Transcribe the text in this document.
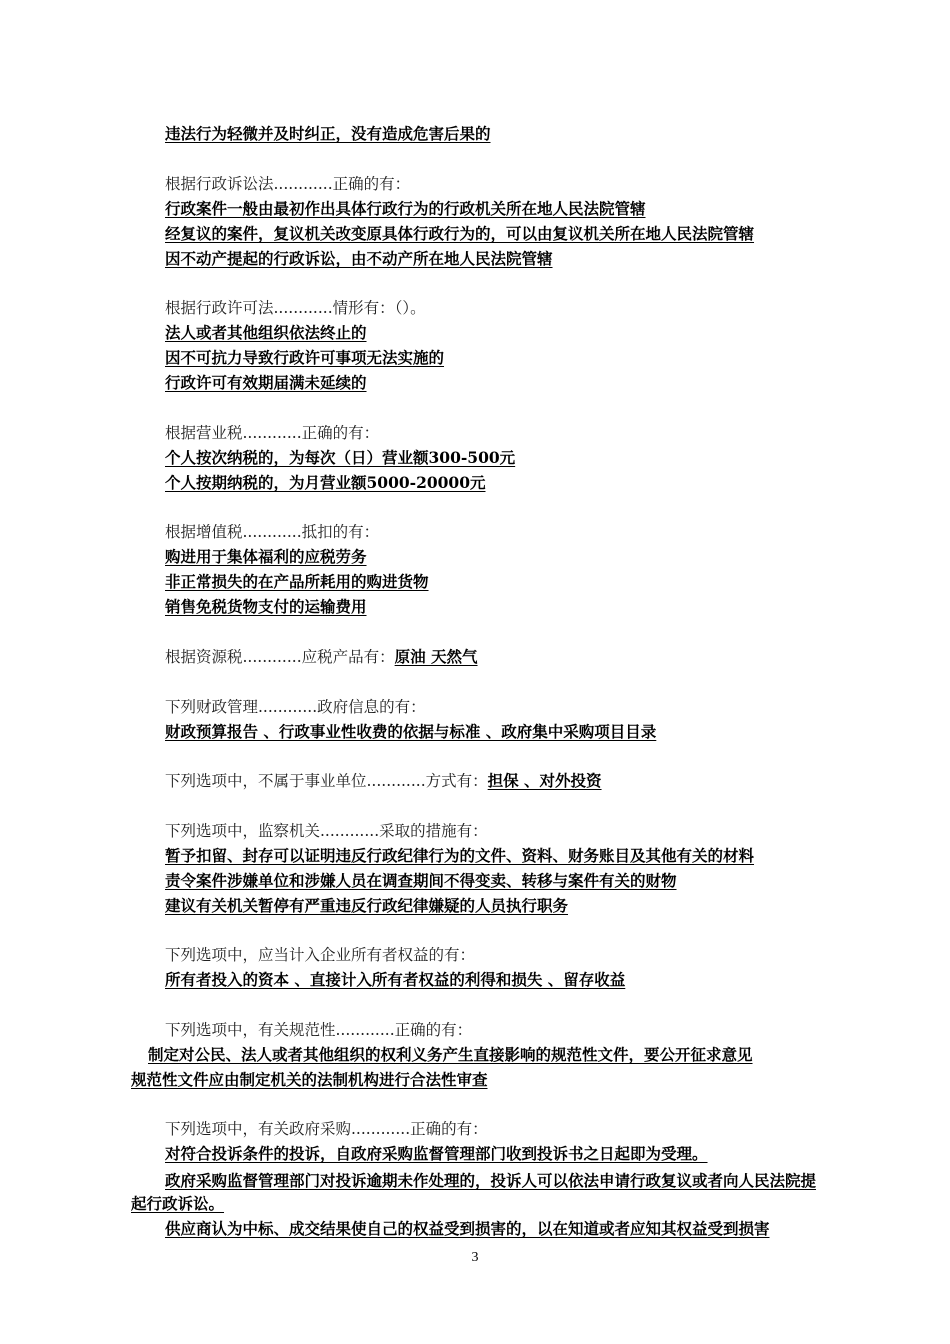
违法行为轻微并及时纠正，没有造成危害后果的
根据行政诉讼法............正确的有：
行政案件一般由最初作出具体行政行为的行政机关所在地人民法院管辖
经复议的案件，复议机关改变原具体行政行为的，可以由复议机关所在地人民法院管辖
因不动产提起的行政诉讼，由不动产所在地人民法院管辖
根据行政许可法............情形有：（）。
法人或者其他组织依法终止的
因不可抗力导致行政许可事项无法实施的
行政许可有效期届满未延续的
根据营业税............正确的有：
个人按次纳税的，为每次（日）营业额300-500元
个人按期纳税的，为月营业额5000-20000元
根据增值税............抵扣的有：
购进用于集体福利的应税劳务
非正常损失的在产品所耗用的购进货物
销售免税货物支付的运输费用
根据资源税............应税产品有：原油 天然气
下列财政管理............政府信息的有：
财政预算报告 、行政事业性收费的依据与标准 、政府集中采购项目目录
下列选项中，不属于事业单位............方式有：担保 、对外投资
下列选项中，监察机关............采取的措施有：
暂予扣留、封存可以证明违反行政纪律行为的文件、资料、财务账目及其他有关的材料
责令案件涉嫌单位和涉嫌人员在调查期间不得变卖、转移与案件有关的财物
建议有关机关暂停有严重违反行政纪律嫌疑的人员执行职务
下列选项中，应当计入企业所有者权益的有：
所有者投入的资本 、直接计入所有者权益的利得和损失 、留存收益
下列选项中，有关规范性............正确的有：
制定对公民、法人或者其他组织的权利义务产生直接影响的规范性文件，要公开征求意见
规范性文件应由制定机关的法制机构进行合法性审查
下列选项中，有关政府采购............正确的有：
对符合投诉条件的投诉，自政府采购监督管理部门收到投诉书之日起即为受理。
政府采购监督管理部门对投诉逾期未作处理的，投诉人可以依法申请行政复议或者向人民法院提起行政诉讼。
供应商认为中标、成交结果使自己的权益受到损害的，以在知道或者应知其权益受到损害
3
